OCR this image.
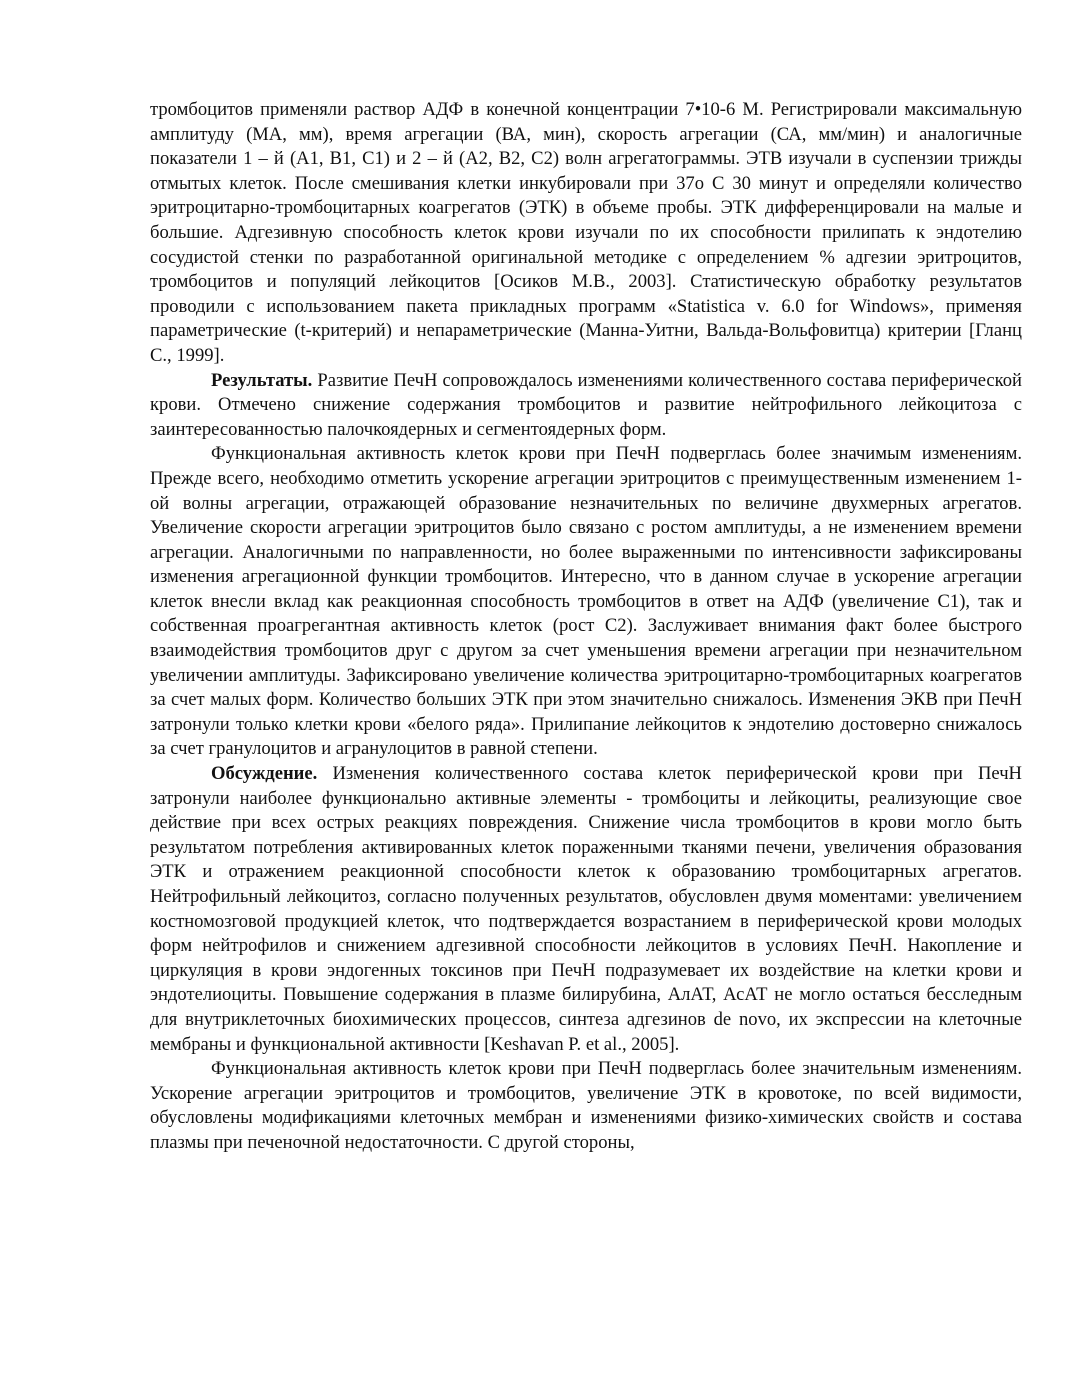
тромбоцитов применяли раствор АДФ в конечной концентрации 7•10-6 М. Регистрировали максимальную амплитуду (МА, мм), время агрегации (ВА, мин), скорость агрегации (СА, мм/мин) и аналогичные показатели 1 – й (А1, В1, С1) и 2 – й (А2, В2, С2) волн агрегатограммы. ЭТВ изучали в суспензии трижды отмытых клеток. После смешивания клетки инкубировали при 37о С 30 минут и определяли количество эритроцитарно-тромбоцитарных коагрегатов (ЭТК) в объеме пробы. ЭТК дифференцировали на малые и большие. Адгезивную способность клеток крови изучали по их способности прилипать к эндотелию сосудистой стенки по разработанной оригинальной методике с определением % адгезии эритроцитов, тромбоцитов и популяций лейкоцитов [Осиков М.В., 2003]. Статистическую обработку результатов проводили с использованием пакета прикладных программ «Statistica v. 6.0 for Windows», применяя параметрические (t-критерий) и непараметрические (Манна-Уитни, Вальда-Вольфовитца) критерии [Гланц С., 1999].

Результаты. Развитие ПечН сопровождалось изменениями количественного состава периферической крови. Отмечено снижение содержания тромбоцитов и развитие нейтрофильного лейкоцитоза с заинтересованностью палочкоядерных и сегментоядерных форм.

Функциональная активность клеток крови при ПечН подверглась более значимым изменениям. Прежде всего, необходимо отметить ускорение агрегации эритроцитов с преимущественным изменением 1-ой волны агрегации, отражающей образование незначительных по величине двухмерных агрегатов. Увеличение скорости агрегации эритроцитов было связано с ростом амплитуды, а не изменением времени агрегации. Аналогичными по направленности, но более выраженными по интенсивности зафиксированы изменения агрегационной функции тромбоцитов. Интересно, что в данном случае в ускорение агрегации клеток внесли вклад как реакционная способность тромбоцитов в ответ на АДФ (увеличение С1), так и собственная проагрегантная активность клеток (рост С2). Заслуживает внимания факт более быстрого взаимодействия тромбоцитов друг с другом за счет уменьшения времени агрегации при незначительном увеличении амплитуды. Зафиксировано увеличение количества эритроцитарно-тромбоцитарных коагрегатов за счет малых форм. Количество больших ЭТК при этом значительно снижалось. Изменения ЭКВ при ПечН затронули только клетки крови «белого ряда». Прилипание лейкоцитов к эндотелию достоверно снижалось за счет гранулоцитов и агранулоцитов в равной степени.

Обсуждение. Изменения количественного состава клеток периферической крови при ПечН затронули наиболее функционально активные элементы - тромбоциты и лейкоциты, реализующие свое действие при всех острых реакциях повреждения. Снижение числа тромбоцитов в крови могло быть результатом потребления активированных клеток пораженными тканями печени, увеличения образования ЭТК и отражением реакционной способности клеток к образованию тромбоцитарных агрегатов. Нейтрофильный лейкоцитоз, согласно полученных результатов, обусловлен двумя моментами: увеличением костномозговой продукцией клеток, что подтверждается возрастанием в периферической крови молодых форм нейтрофилов и снижением адгезивной способности лейкоцитов в условиях ПечН. Накопление и циркуляция в крови эндогенных токсинов при ПечН подразумевает их воздействие на клетки крови и эндотелиоциты. Повышение содержания в плазме билирубина, АлАТ, АсАТ не могло остаться бесследным для внутриклеточных биохимических процессов, синтеза адгезинов de novo, их экспрессии на клеточные мембраны и функциональной активности [Keshavan P. et al., 2005].

Функциональная активность клеток крови при ПечН подверглась более значительным изменениям. Ускорение агрегации эритроцитов и тромбоцитов, увеличение ЭТК в кровотоке, по всей видимости, обусловлены модификациями клеточных мембран и изменениями физико-химических свойств и состава плазмы при печеночной недостаточности. С другой стороны,
